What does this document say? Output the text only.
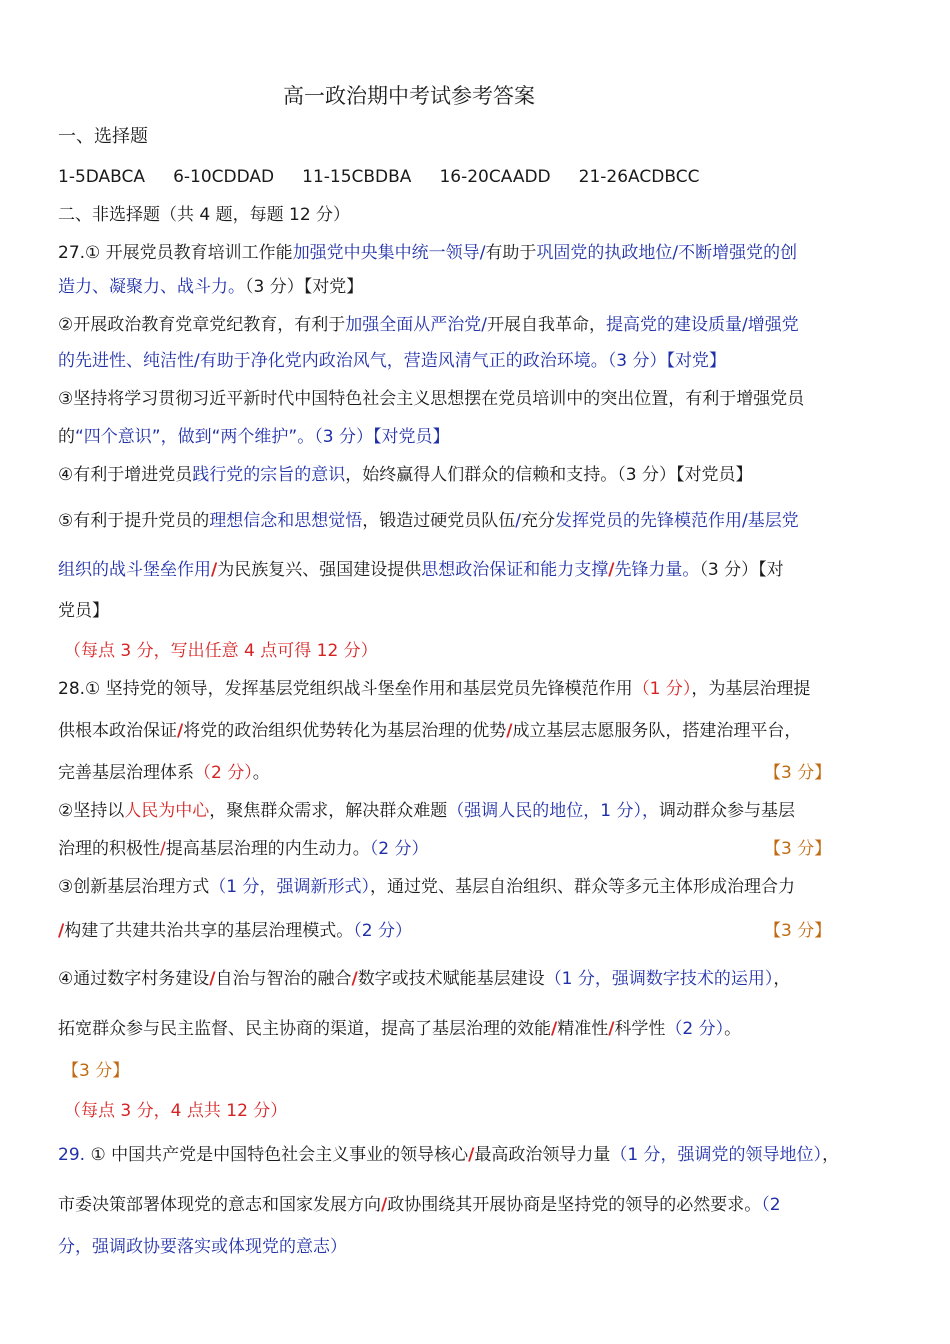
高一政治期中考试参考答案
一、选择题
1-5DABCA 6-10CDDAD 11-15CBDBA 16-20CAADD 21-26ACDBCC
二、非选择题（共 4 题，每题 12 分）
27.① 开展党员教育培训工作能加强党中央集中统一领导/有助于巩固党的执政地位/不断增强党的创
造力、凝聚力、战斗力。（3 分）【对党】
②开展政治教育党章党纪教育，有利于加强全面从严治党/开展自我革命，提高党的建设质量/增强党
的先进性、纯洁性/有助于净化党内政治风气，营造风清气正的政治环境。（3 分）【对党】
③坚持将学习贯彻习近平新时代中国特色社会主义思想摆在党员培训中的突出位置，有利于增强党员
的“四个意识”，做到“两个维护”。（3 分）【对党员】
④有利于增进党员践行党的宗旨的意识，始终赢得人们群众的信赖和支持。（3 分）【对党员】
⑤有利于提升党员的理想信念和思想觉悟，锻造过硬党员队伍/充分发挥党员的先锋模范作用/基层党
组织的战斗堡垒作用/为民族复兴、强国建设提供思想政治保证和能力支撑/先锋力量。（3 分）【对
党员】
（每点 3 分，写出任意 4 点可得 12 分）
28.① 坚持党的领导，发挥基层党组织战斗堡垒作用和基层党员先锋模范作用（1 分），为基层治理提
供根本政治保证/将党的政治组织优势转化为基层治理的优势/成立基层志愿服务队，搭建治理平台，
完善基层治理体系（2 分）。	【3 分】
②坚持以人民为中心，聚焦群众需求，解决群众难题（强调人民的地位，1 分），调动群众参与基层
治理的积极性/提高基层治理的内生动力。（2 分）	【3 分】
③创新基层治理方式（1 分，强调新形式），通过党、基层自治组织、群众等多元主体形成治理合力
/构建了共建共治共享的基层治理模式。（2 分）	【3 分】
④通过数字村务建设/自治与智治的融合/数字或技术赋能基层建设（1 分，强调数字技术的运用），
拓宽群众参与民主监督、民主协商的渠道，提高了基层治理的效能/精准性/科学性（2 分）。
【3 分】
（每点 3 分，4 点共 12 分）
29. ① 中国共产党是中国特色社会主义事业的领导核心/最高政治领导力量（1 分，强调党的领导地位），
市委决策部署体现党的意志和国家发展方向/政协围绕其开展协商是坚持党的领导的必然要求。（2
分，强调政协要落实或体现党的意志）
